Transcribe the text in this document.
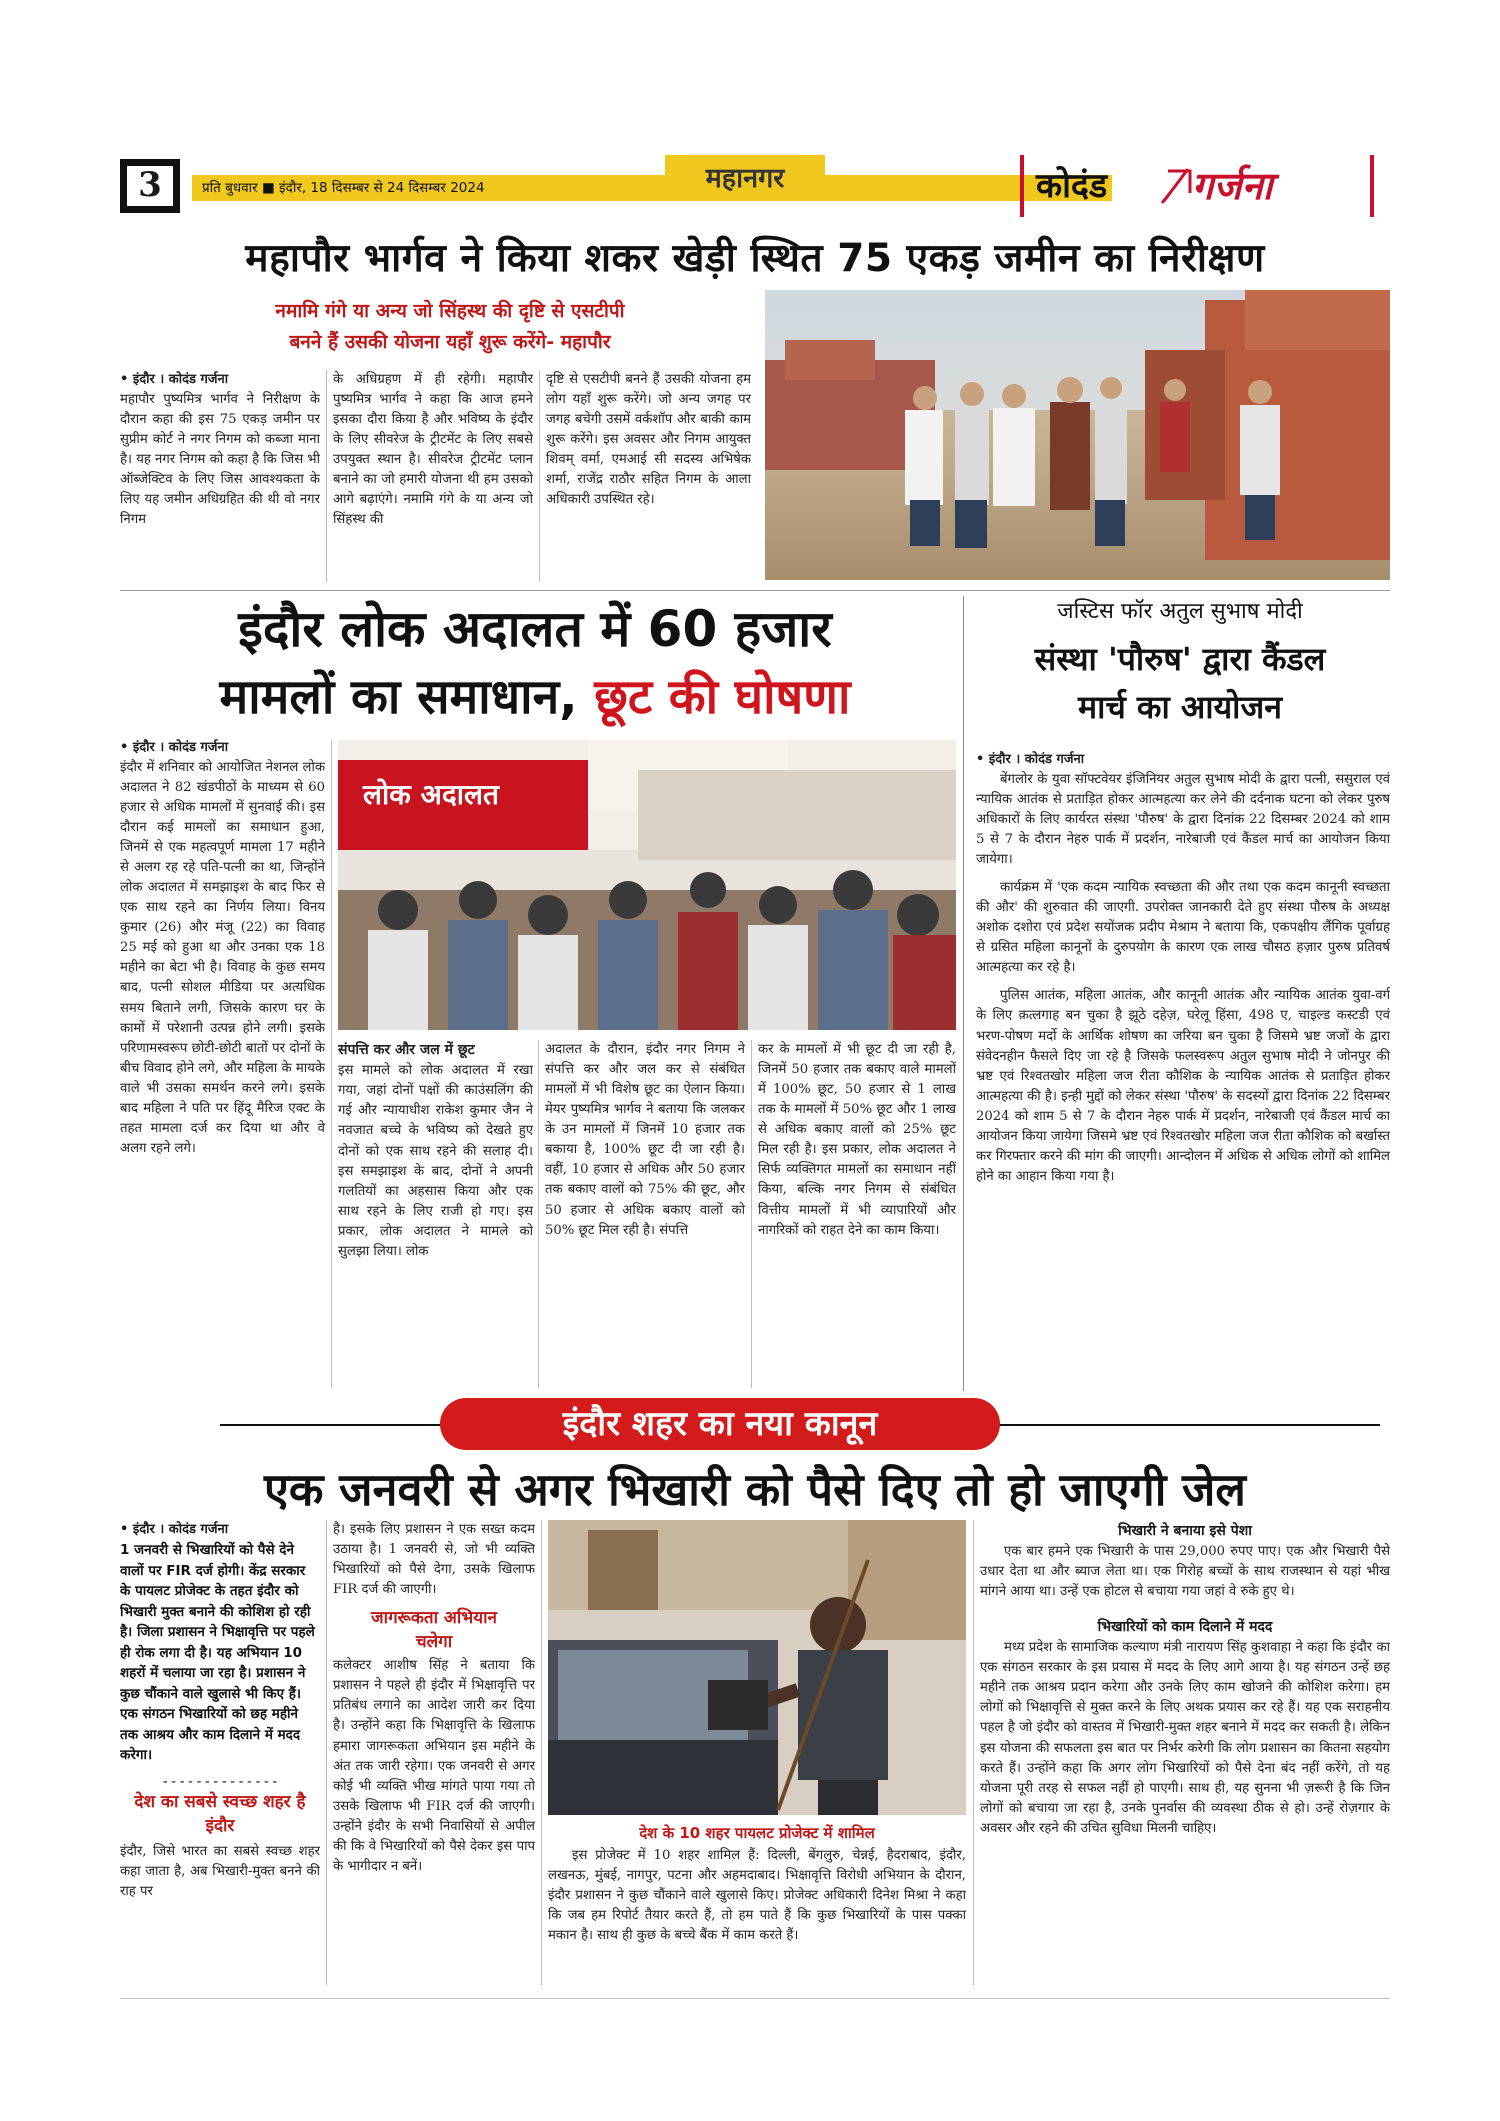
3	प्रति बुधवार ■ इंदौर, 18 दिसम्बर से 24 दिसम्बर 2024	महानगर	कोदंड गर्जना
महापौर भार्गव ने किया शकर खेड़ी स्थित 75 एकड़ जमीन का निरीक्षण
नमामि गंगे या अन्य जो सिंहस्थ की दृष्टि से एसटीपी
बनने हैं उसकी योजना यहाँ शुरू करेंगे- महापौर
• इंदौर । कोदंड गर्जना
महापौर पुष्यमित्र भार्गव ने निरीक्षण के दौरान कहा की इस 75 एकड़ जमीन पर सुप्रीम कोर्ट ने नगर निगम को कब्जा माना है। यह नगर निगम को कहा है कि जिस भी ऑब्जेक्टिव के लिए जिस आवश्यकता के लिए यह जमीन अधिग्रहित की थी वो नगर निगम
के अधिग्रहण में ही रहेगी। महापौर पुष्यमित्र भार्गव ने कहा कि आज हमने इसका दौरा किया है और भविष्य के इंदौर के लिए सीवरेज के ट्रीटमेंट के लिए सबसे उपयुक्त स्थान है। सीवरेज ट्रीटमेंट प्लान बनाने का जो हमारी योजना थी हम उसको आगे बढ़ाएंगे। नमामि गंगे के या अन्य जो सिंहस्थ की
दृष्टि से एसटीपी बनने हैं उसकी योजना हम लोग यहाँ शुरू करेंगे। जो अन्य जगह पर जगह बचेगी उसमें वर्कशॉप और बाकी काम शुरू करेंगे। इस अवसर और निगम आयुक्त शिवम् वर्मा, एमआई सी सदस्य अभिषेक शर्मा, राजेंद्र राठौर सहित निगम के आला अधिकारी उपस्थित रहे।
इंदौर लोक अदालत में 60 हजार
मामलों का समाधान, छूट की घोषणा
• इंदौर । कोदंड गर्जना
इंदौर में शनिवार को आयोजित नेशनल लोक अदालत ने 82 खंडपीठों के माध्यम से 60 हजार से अधिक मामलों में सुनवाई की। इस दौरान कई मामलों का समाधान हुआ, जिनमें से एक महत्वपूर्ण मामला 17 महीने से अलग रह रहे पति-पत्नी का था, जिन्होंने लोक अदालत में समझाइश के बाद फिर से एक साथ रहने का निर्णय लिया। विनय कुमार (26) और मंजू (22) का विवाह 25 मई को हुआ था और उनका एक 18 महीने का बेटा भी है। विवाह के कुछ समय बाद, पत्नी सोशल मीडिया पर अत्यधिक समय बिताने लगी, जिसके कारण घर के कामों में परेशानी उत्पन्न होने लगी। इसके परिणामस्वरूप छोटी-छोटी बातों पर दोनों के बीच विवाद होने लगे, और महिला के मायके वाले भी उसका समर्थन करने लगे। इसके बाद महिला ने पति पर हिंदू मैरिज एक्ट के तहत मामला दर्ज कर दिया था और वे अलग रहने लगे।
लोक अदालत
संपत्ति कर और जल में छूट
इस मामले को लोक अदालत में रखा गया, जहां दोनों पक्षों की काउंसलिंग की गई और न्यायाधीश राकेश कुमार जैन ने नवजात बच्चे के भविष्य को देखते हुए दोनों को एक साथ रहने की सलाह दी। इस समझाइश के बाद, दोनों ने अपनी गलतियों का अहसास किया और एक साथ रहने के लिए राजी हो गए। इस प्रकार, लोक अदालत ने मामले को सुलझा लिया। लोक
अदालत के दौरान, इंदौर नगर निगम ने संपत्ति कर और जल कर से संबंधित मामलों में भी विशेष छूट का ऐलान किया। मेयर पुष्यमित्र भार्गव ने बताया कि जलकर के उन मामलों में जिनमें 10 हजार तक बकाया है, 100% छूट दी जा रही है। वहीं, 10 हजार से अधिक और 50 हजार तक बकाए वालों को 75% की छूट, और 50 हजार से अधिक बकाए वालों को 50% छूट मिल रही है। संपत्ति
कर के मामलों में भी छूट दी जा रही है, जिनमें 50 हजार तक बकाए वाले मामलों में 100% छूट, 50 हजार से 1 लाख तक के मामलों में 50% छूट और 1 लाख से अधिक बकाए वालों को 25% छूट मिल रही है। इस प्रकार, लोक अदालत ने सिर्फ व्यक्तिगत मामलों का समाधान नहीं किया, बल्कि नगर निगम से संबंधित वित्तीय मामलों में भी व्यापारियों और नागरिकों को राहत देने का काम किया।
जस्टिस फॉर अतुल सुभाष मोदी
संस्था 'पौरुष' द्वारा कैंडल
मार्च का आयोजन
• इंदौर । कोदंड गर्जना

बेंगलोर के युवा सॉफ्टवेयर इंजिनियर अतुल सुभाष मोदी के द्वारा पत्नी, ससुराल एवं न्यायिक आतंक से प्रताड़ित होकर आत्महत्या कर लेने की दर्दनाक घटना को लेकर पुरुष अधिकारों के लिए कार्यरत संस्था 'पौरुष' के द्वारा दिनांक 22 दिसम्बर 2024 को शाम 5 से 7 के दौरान नेहरु पार्क में प्रदर्शन, नारेबाजी एवं कैंडल मार्च का आयोजन किया जायेगा।

कार्यक्रम में 'एक कदम न्यायिक स्वच्छता की और तथा एक कदम कानूनी स्वच्छता की और' की शुरुवात की जाएगी. उपरोक्त जानकारी देते हुए संस्था पौरुष के अध्यक्ष अशोक दशोरा एवं प्रदेश सयोंजक प्रदीप मेश्राम ने बताया कि, एकपक्षीय लैंगिक पूर्वाग्रह से ग्रसित महिला कानूनों के दुरुपयोग के कारण एक लाख चौसठ हज़ार पुरुष प्रतिवर्ष आत्महत्या कर रहे है।

पुलिस आतंक, महिला आतंक, और कानूनी आतंक और न्यायिक आतंक युवा-वर्ग के लिए क़त्लगाह बन चुका है झूठे दहेज़, घरेलू हिंसा, 498 ए, चाइल्ड कस्टडी एवं भरण-पोषण मर्दो के आर्थिक शोषण का जरिया बन चुका है जिसमे भ्रष्ट जजों के द्वारा संवेदनहीन फैसले दिए जा रहे है जिसके फलस्वरूप अतुल सुभाष मोदी ने जोनपुर की भ्रष्ट एवं रिश्वतखोर महिला जज रीता कौशिक के न्यायिक आतंक से प्रताड़ित होकर आत्महत्या की है। इन्ही मुद्दों को लेकर संस्था 'पौरुष' के सदस्यों द्वारा दिनांक 22 दिसम्बर 2024 को शाम 5 से 7 के दौरान नेहरु पार्क में प्रदर्शन, नारेबाजी एवं कैंडल मार्च का आयोजन किया जायेगा जिसमे भ्रष्ट एवं रिश्वतखोर महिला जज रीता कौशिक को बर्खास्त कर गिरफ्तार करने की मांग की जाएगी। आन्दोलन में अधिक से अधिक लोगों को शामिल होने का आहान किया गया है।

इंदौर शहर का नया कानून
एक जनवरी से अगर भिखारी को पैसे दिए तो हो जाएगी जेल
• इंदौर । कोदंड गर्जना
1 जनवरी से भिखारियों को पैसे देने वालों पर FIR दर्ज होगी। केंद्र सरकार के पायलट प्रोजेक्ट के तहत इंदौर को भिखारी मुक्त बनाने की कोशिश हो रही है। जिला प्रशासन ने भिक्षावृत्ति पर पहले ही रोक लगा दी है। यह अभियान 10 शहरों में चलाया जा रहा है। प्रशासन ने कुछ चौंकाने वाले खुलासे भी किए हैं। एक संगठन भिखारियों को छह महीने तक आश्रय और काम दिलाने में मदद करेगा।
--------------
देश का सबसे स्वच्छ शहर है इंदौर
इंदौर, जिसे भारत का सबसे स्वच्छ शहर कहा जाता है, अब भिखारी-मुक्त बनने की राह पर
है। इसके लिए प्रशासन ने एक सख्त कदम उठाया है। 1 जनवरी से, जो भी व्यक्ति भिखारियों को पैसे देगा, उसके खिलाफ FIR दर्ज की जाएगी।
जागरूकता अभियान चलेगा
कलेक्टर आशीष सिंह ने बताया कि प्रशासन ने पहले ही इंदौर में भिक्षावृत्ति पर प्रतिबंध लगाने का आदेश जारी कर दिया है। उन्होंने कहा कि भिक्षावृत्ति के खिलाफ हमारा जागरूकता अभियान इस महीने के अंत तक जारी रहेगा। एक जनवरी से अगर कोई भी व्यक्ति भीख मांगते पाया गया तो उसके खिलाफ भी FIR दर्ज की जाएगी। उन्होंने इंदौर के सभी निवासियों से अपील की कि वे भिखारियों को पैसे देकर इस पाप के भागीदार न बनें।
देश के 10 शहर पायलट प्रोजेक्ट में शामिल
इस प्रोजेक्ट में 10 शहर शामिल हैं: दिल्ली, बेंगलुरु, चेन्नई, हैदराबाद, इंदौर, लखनऊ, मुंबई, नागपुर, पटना और अहमदाबाद। भिक्षावृत्ति विरोधी अभियान के दौरान, इंदौर प्रशासन ने कुछ चौंकाने वाले खुलासे किए। प्रोजेक्ट अधिकारी दिनेश मिश्रा ने कहा कि जब हम रिपोर्ट तैयार करते हैं, तो हम पाते हैं कि कुछ भिखारियों के पास पक्का मकान है। साथ ही कुछ के बच्चे बैंक में काम करते हैं।
भिखारी ने बनाया इसे पेशा
एक बार हमने एक भिखारी के पास 29,000 रुपए पाए। एक और भिखारी पैसे उधार देता था और ब्याज लेता था। एक गिरोह बच्चों के साथ राजस्थान से यहां भीख मांगने आया था। उन्हें एक होटल से बचाया गया जहां वे रुके हुए थे।
भिखारियों को काम दिलाने में मदद
मध्य प्रदेश के सामाजिक कल्याण मंत्री नारायण सिंह कुशवाहा ने कहा कि इंदौर का एक संगठन सरकार के इस प्रयास में मदद के लिए आगे आया है। यह संगठन उन्हें छह महीने तक आश्रय प्रदान करेगा और उनके लिए काम खोजने की कोशिश करेगा। हम लोगों को भिक्षावृत्ति से मुक्त करने के लिए अथक प्रयास कर रहे हैं। यह एक सराहनीय पहल है जो इंदौर को वास्तव में भिखारी-मुक्त शहर बनाने में मदद कर सकती है। लेकिन इस योजना की सफलता इस बात पर निर्भर करेगी कि लोग प्रशासन का कितना सहयोग करते हैं। उन्होंने कहा कि अगर लोग भिखारियों को पैसे देना बंद नहीं करेंगे, तो यह योजना पूरी तरह से सफल नहीं हो पाएगी। साथ ही, यह सुनना भी ज़रूरी है कि जिन लोगों को बचाया जा रहा है, उनके पुनर्वास की व्यवस्था ठीक से हो। उन्हें रोज़गार के अवसर और रहने की उचित सुविधा मिलनी चाहिए।
